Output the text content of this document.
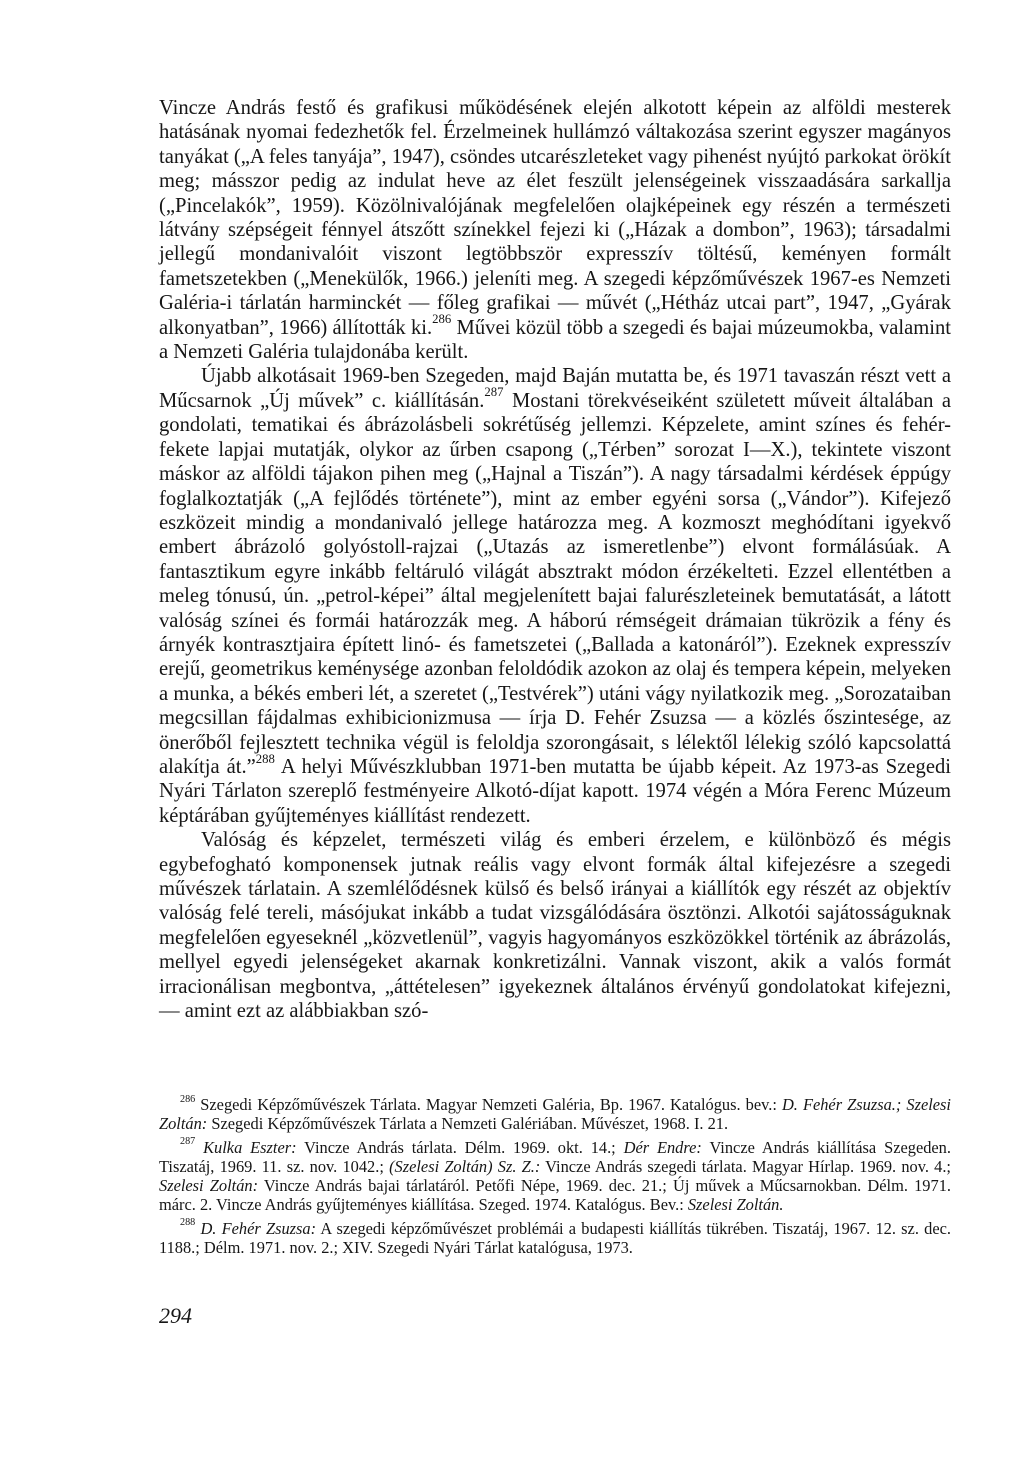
Vincze András festő és grafikusi működésének elején alkotott képein az alföldi mesterek hatásának nyomai fedezhetők fel. Érzelmeinek hullámzó váltakozása szerint egyszer magányos tanyákat („A feles tanyája”, 1947), csöndes utcarészleteket vagy pihenést nyújtó parkokat örökít meg; másszor pedig az indulat heve az élet feszült jelenségeinek visszaadására sarkallja („Pincelakók”, 1959). Közölnivalójának megfelelően olajképeinek egy részén a természeti látvány szépségeit fénnyel átszőtt színekkel fejezi ki („Házak a dombon”, 1963); társadalmi jellegű mondanivalóit viszont legtöbbször expresszív töltésű, keményen formált fametszetekben („Menekülők, 1966.) jeleníti meg. A szegedi képzőművészek 1967-es Nemzeti Galéria-i tárlatán harminckét — főleg grafikai — művét („Hétház utcai part”, 1947, „Gyárak alkonyatban”, 1966) állították ki.$^{286}$ Művei közül több a szegedi és bajai múzeumokba, valamint a Nemzeti Galéria tulajdonába került.

Újabb alkotásait 1969-ben Szegeden, majd Baján mutatta be, és 1971 tavaszán részt vett a Műcsarnok „Új művek” c. kiállításán.$^{287}$ Mostani törekvéseiként született műveit általában a gondolati, tematikai és ábrázolásbeli sokrétűség jellemzi. Képzelete, amint színes és fehér-fekete lapjai mutatják, olykor az űrben csapong („Térben” sorozat I—X.), tekintete viszont máskor az alföldi tájakon pihen meg („Hajnal a Tiszán”). A nagy társadalmi kérdések éppúgy foglalkoztatják („A fejlődés története”), mint az ember egyéni sorsa („Vándor”). Kifejező eszközeit mindig a mondanivaló jellege határozza meg. A kozmoszt meghódítani igyekvő embert ábrázoló golyóstoll-rajzai („Utazás az ismeretlenbe”) elvont formálásúak. A fantasztikum egyre inkább feltáruló világát absztrakt módon érzékelteti. Ezzel ellentétben a meleg tónusú, ún. „petrol-képei” által megjelenített bajai falurészleteinek bemutatását, a látott valóság színei és formái határozzák meg. A háború rémségeit drámaian tükrözik a fény és árnyék kontrasztjaira épített linó- és fametszetei („Ballada a katonáról”). Ezeknek expresszív erejű, geometrikus keménysége azonban feloldódik azokon az olaj és tempera képein, melyeken a munka, a békés emberi lét, a szeretet („Testvérek”) utáni vágy nyilatkozik meg. „Sorozataiban megcsillan fájdalmas exhibicionizmusa — írja D. Fehér Zsuzsa — a közlés őszintesége, az önerőből fejlesztett technika végül is feloldja szorongásait, s lélektől lélekig szóló kapcsolattá alakítja át.”$^{288}$ A helyi Művészklubban 1971-ben mutatta be újabb képeit. Az 1973-as Szegedi Nyári Tárlaton szereplő festményeire Alkotó-díjat kapott. 1974 végén a Móra Ferenc Múzeum képtárában gyűjteményes kiállítást rendezett.

Valóság és képzelet, természeti világ és emberi érzelem, e különböző és mégis egybefogható komponensek jutnak reális vagy elvont formák által kifejezésre a szegedi művészek tárlatain. A szemlélődésnek külső és belső irányai a kiállítók egy részét az objektív valóság felé tereli, másójukat inkább a tudat vizsgálódására ösztönzi. Alkotói sajátosságuknak megfelelően egyeseknél „közvetlenül”, vagyis hagyományos eszközökkel történik az ábrázolás, mellyel egyedi jelenségeket akarnak konkretizálni. Vannak viszont, akik a valós formát irracionálisan megbontva, „áttételesen” igyekeznek általános érvényű gondolatokat kifejezni, — amint ezt az alábbiakban szó-

$^{286}$ Szegedi Képzőművészek Tárlata. Magyar Nemzeti Galéria, Bp. 1967. Katalógus. bev.: D. Fehér Zsuzsa.; Szelesi Zoltán: Szegedi Képzőművészek Tárlata a Nemzeti Galériában. Művészet, 1968. I. 21.

$^{287}$ Kulka Eszter: Vincze András tárlata. Délm. 1969. okt. 14.; Dér Endre: Vincze András kiállítása Szegeden. Tiszatáj, 1969. 11. sz. nov. 1042.; (Szelesi Zoltán) Sz. Z.: Vincze András szegedi tárlata. Magyar Hírlap. 1969. nov. 4.; Szelesi Zoltán: Vincze András bajai tárlatáról. Petőfi Népe, 1969. dec. 21.; Új művek a Műcsarnokban. Délm. 1971. márc. 2. Vincze András gyűjteményes kiállítása. Szeged. 1974. Katalógus. Bev.: Szelesi Zoltán.

$^{288}$ D. Fehér Zsuzsa: A szegedi képzőművészet problémái a budapesti kiállítás tükrében. Tiszatáj, 1967. 12. sz. dec. 1188.; Délm. 1971. nov. 2.; XIV. Szegedi Nyári Tárlat katalógusa, 1973.

294
